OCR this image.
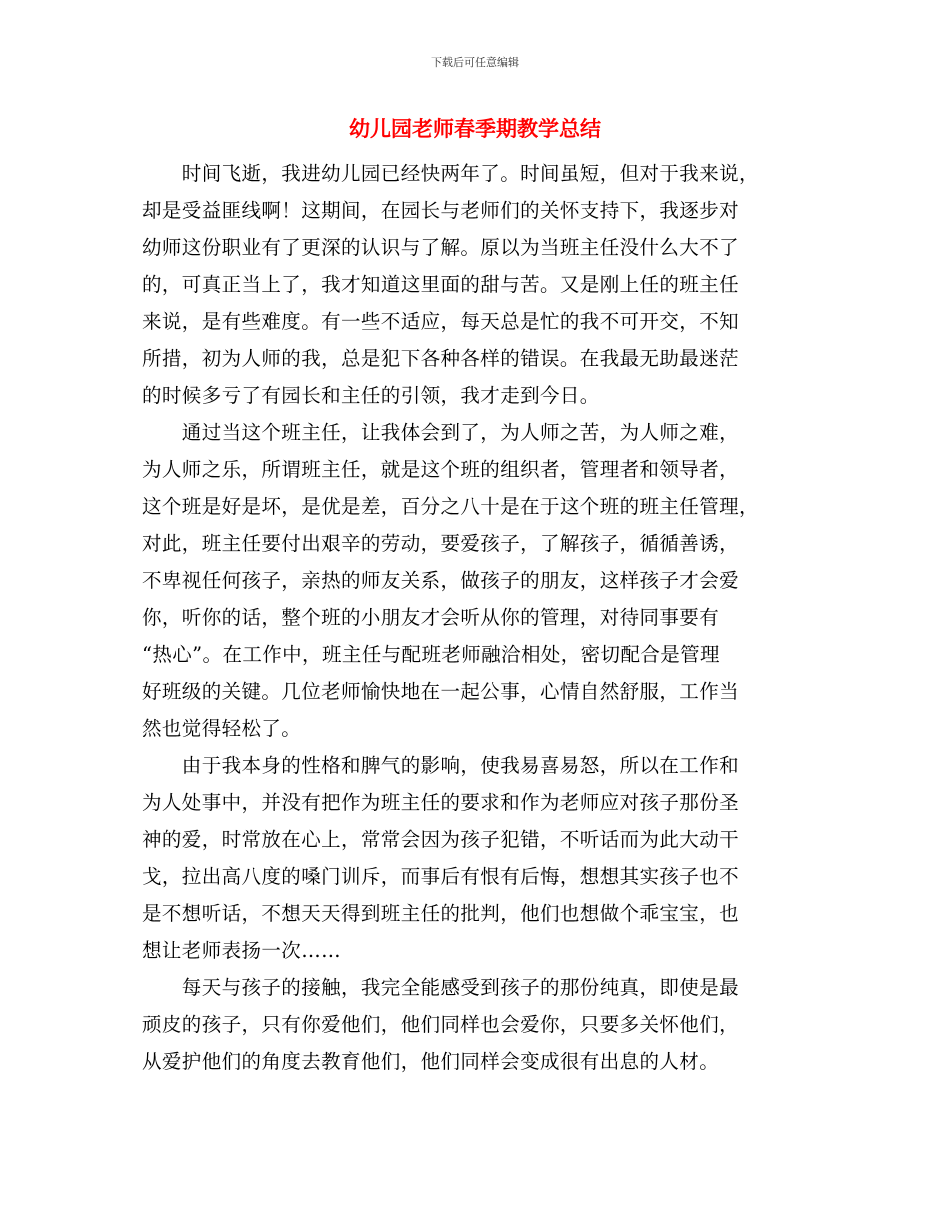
下载后可任意编辑
幼儿园老师春季期教学总结

　　时间飞逝，我进幼儿园已经快两年了。时间虽短，但对于我来说，
却是受益匪线啊！这期间，在园长与老师们的关怀支持下，我逐步对
幼师这份职业有了更深的认识与了解。原以为当班主任没什么大不了
的，可真正当上了，我才知道这里面的甜与苦。又是刚上任的班主任
来说，是有些难度。有一些不适应，每天总是忙的我不可开交，不知
所措，初为人师的我，总是犯下各种各样的错误。在我最无助最迷茫
的时候多亏了有园长和主任的引领，我才走到今日。

　　通过当这个班主任，让我体会到了，为人师之苦，为人师之难，
为人师之乐，所谓班主任，就是这个班的组织者，管理者和领导者，
这个班是好是坏，是优是差，百分之八十是在于这个班的班主任管理，
对此，班主任要付出艰辛的劳动，要爱孩子，了解孩子，循循善诱，
不卑视任何孩子，亲热的师友关系，做孩子的朋友，这样孩子才会爱
你，听你的话，整个班的小朋友才会听从你的管理，对待同事要有
“热心”。在工作中，班主任与配班老师融洽相处，密切配合是管理
好班级的关键。几位老师愉快地在一起公事，心情自然舒服，工作当
然也觉得轻松了。

　　由于我本身的性格和脾气的影响，使我易喜易怒，所以在工作和
为人处事中，并没有把作为班主任的要求和作为老师应对孩子那份圣
神的爱，时常放在心上，常常会因为孩子犯错，不听话而为此大动干
戈，拉出高八度的嗓门训斥，而事后有恨有后悔，想想其实孩子也不
是不想听话，不想天天得到班主任的批判，他们也想做个乖宝宝，也
想让老师表扬一次……

　　每天与孩子的接触，我完全能感受到孩子的那份纯真，即使是最
顽皮的孩子，只有你爱他们，他们同样也会爱你，只要多关怀他们，
从爱护他们的角度去教育他们，他们同样会变成很有出息的人材。
